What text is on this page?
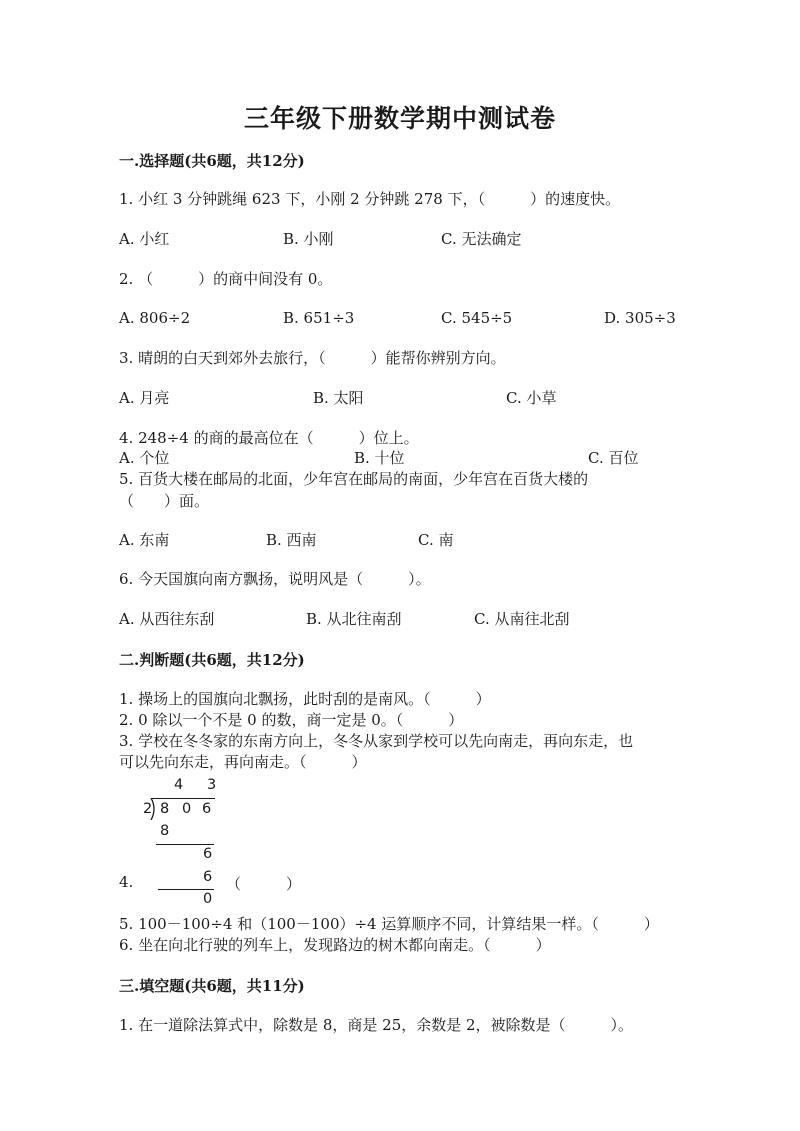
三年级下册数学期中测试卷
一.选择题(共6题，共12分)
1. 小红 3 分钟跳绳 623 下，小刚 2 分钟跳 278 下，（　　　）的速度快。
A. 小红	B. 小刚	C. 无法确定
2. （　　　）的商中间没有 0。
A. 806÷2	B. 651÷3	C. 545÷5	D. 305÷3
3. 晴朗的白天到郊外去旅行，（　　　）能帮你辨别方向。
A. 月亮	B. 太阳	C. 小草
4. 248÷4 的商的最高位在（　　　）位上。
A. 个位	B. 十位	C. 百位
5. 百货大楼在邮局的北面，少年宫在邮局的南面，少年宫在百货大楼的
（　　）面。
A. 东南	B. 西南	C. 南
6. 今天国旗向南方飘扬，说明风是（　　　）。
A. 从西往东刮	B. 从北往南刮	C. 从南往北刮
二.判断题(共6题，共12分)
1. 操场上的国旗向北飘扬，此时刮的是南风。（　　　）
2. 0 除以一个不是 0 的数，商一定是 0。（　　　）
3. 学校在冬冬家的东南方向上，冬冬从家到学校可以先向南走，再向东走，也
可以先向东走，再向南走。（　　　）
4 3
2 8 0 6
8
6
4.	6
0
（　　　）
5. 100－100÷4 和（100－100）÷4 运算顺序不同，计算结果一样。（　　　）
6. 坐在向北行驶的列车上，发现路边的树木都向南走。（　　　）
三.填空题(共6题，共11分)
1. 在一道除法算式中，除数是 8，商是 25，余数是 2，被除数是（　　　）。
